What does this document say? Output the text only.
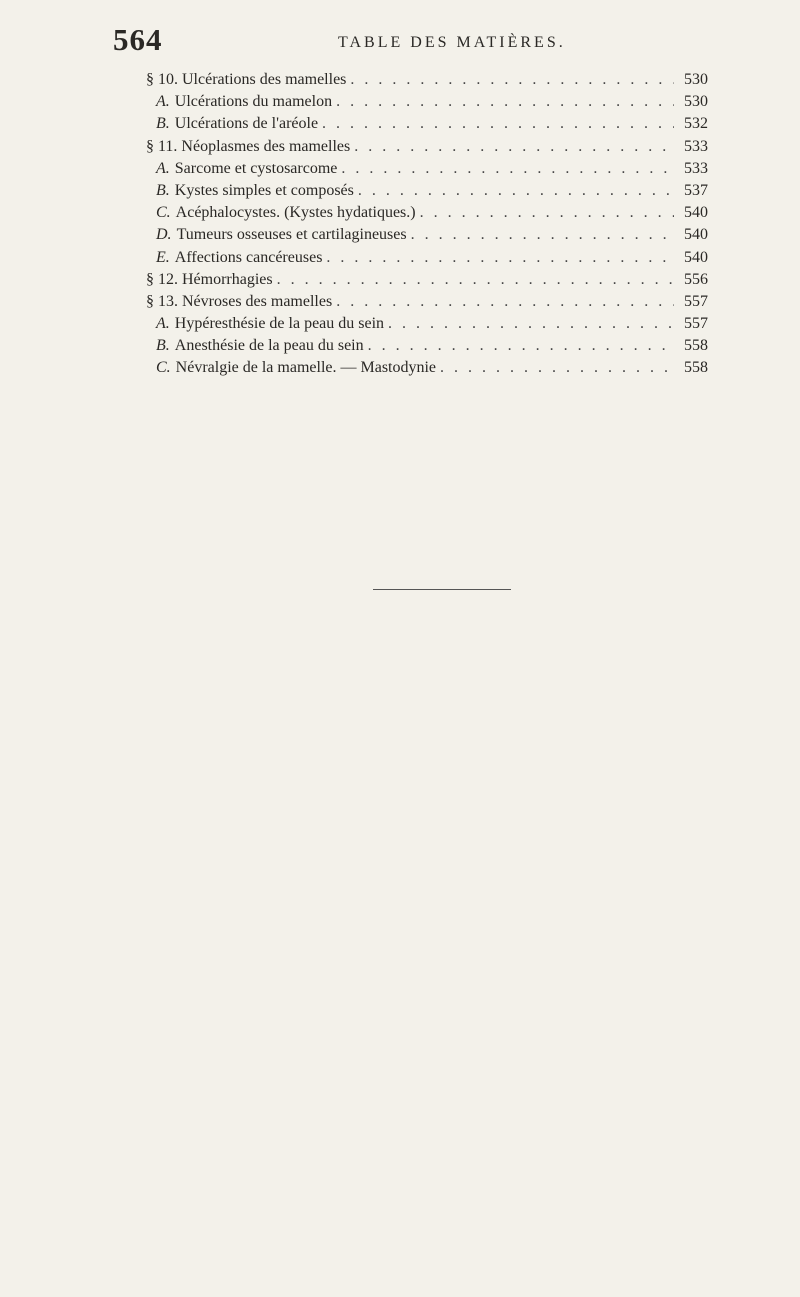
564	TABLE DES MATIÈRES.
§ 10. Ulcérations des mamelles . . .	530
A. Ulcérations du mamelon . . .	530
B. Ulcérations de l'aréole . . .	532
§ 11. Néoplasmes des mamelles . . .	533
A. Sarcome et cystosarcome . . .	533
B. Kystes simples et composés . . .	537
C. Acéphalocystes. (Kystes hydatiques.) . . .	540
D. Tumeurs osseuses et cartilagineuses . . .	540
E. Affections cancéreuses . . .	540
§ 12. Hémorrhagies . . .	556
§ 13. Névroses des mamelles . . .	557
A. Hypéresthésie de la peau du sein . . .	557
B. Anesthésie de la peau du sein . . .	558
C. Névralgie de la mamelle. — Mastodynie . . .	558
